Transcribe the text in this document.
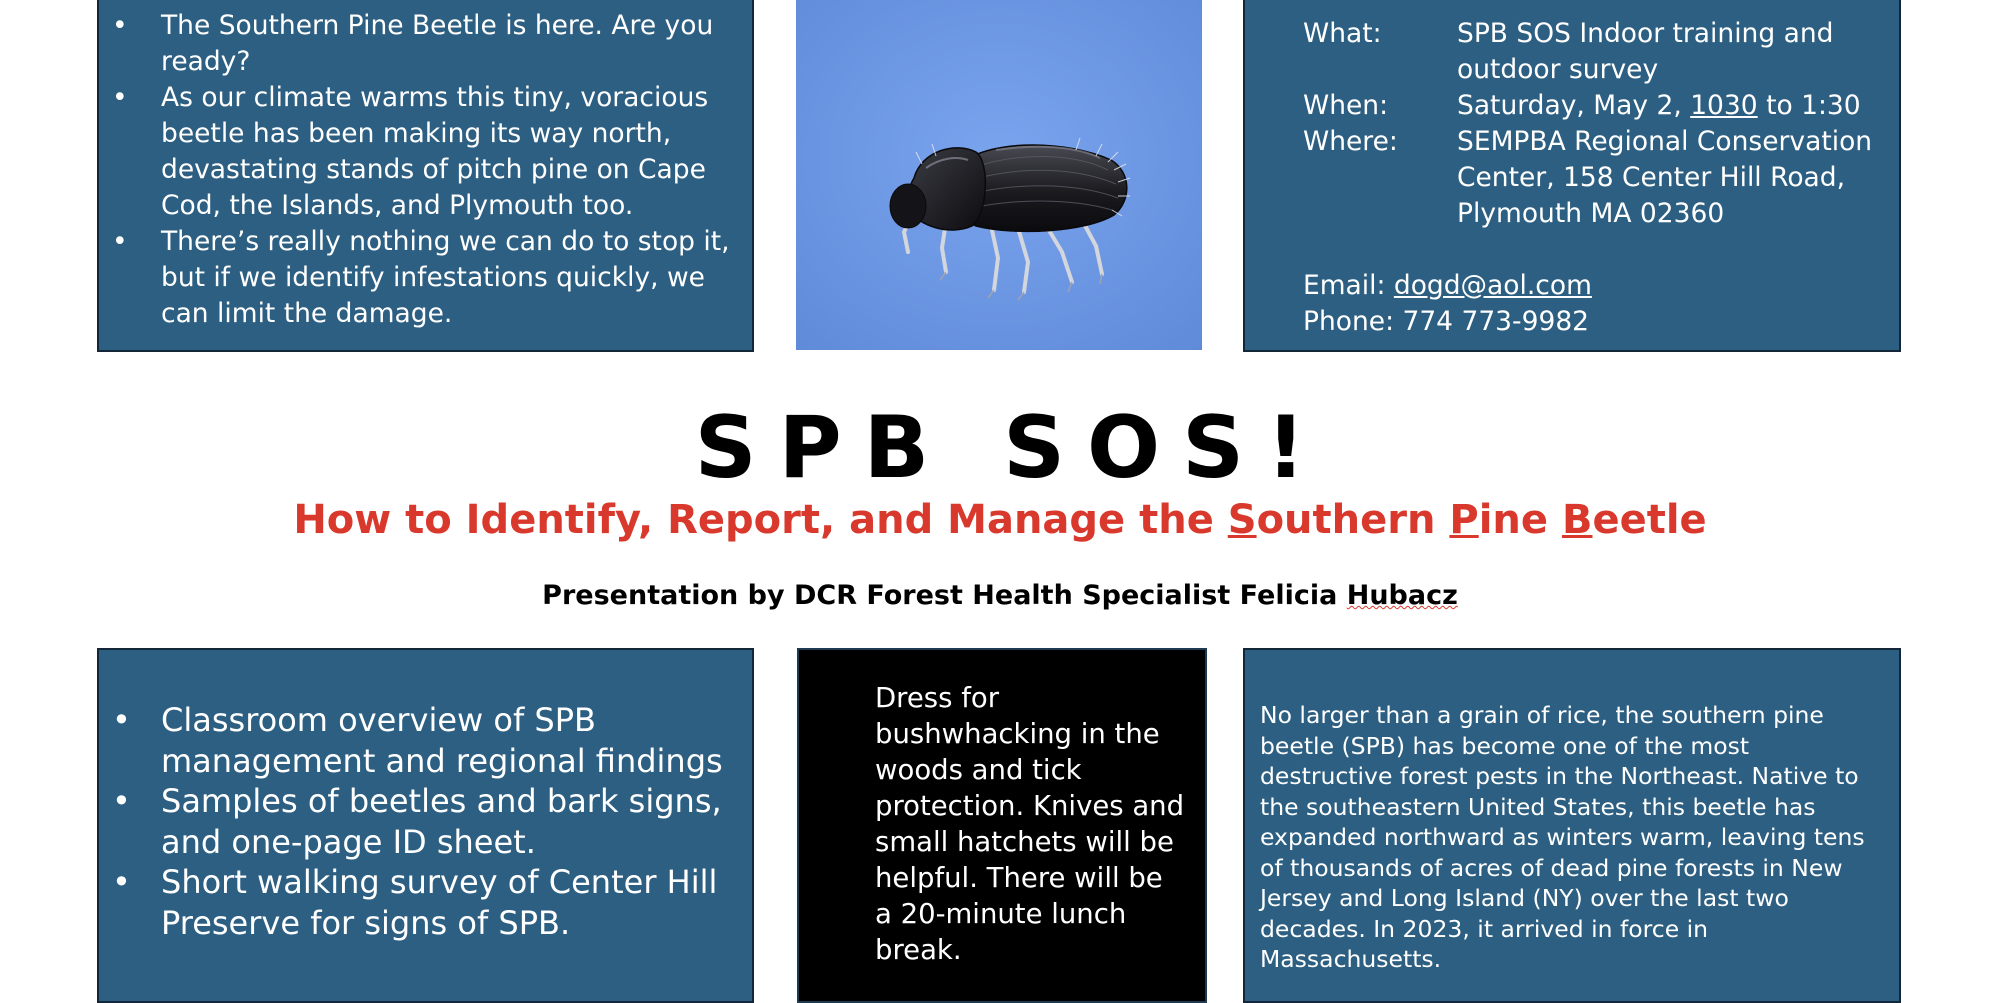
• The Southern Pine Beetle is here. Are you ready?
• As our climate warms this tiny, voracious beetle has been making its way north, devastating stands of pitch pine on Cape Cod, the Islands, and Plymouth too.
• There’s really nothing we can do to stop it, but if we identify infestations quickly, we can limit the damage.
What:	SPB SOS Indoor training and outdoor survey
When:	Saturday, May 2, 1030 to 1:30
Where:	SEMPBA Regional Conservation Center, 158 Center Hill Road, Plymouth MA 02360
Email: dogd@aol.com
Phone: 774 773-9982
SPB SOS!
How to Identify, Report, and Manage the Southern Pine Beetle

Presentation by DCR Forest Health Specialist Felicia Hubacz

• Classroom overview of SPB management and regional findings
• Samples of beetles and bark signs, and one-page ID sheet.
• Short walking survey of Center Hill Preserve for signs of SPB.
Dress for bushwhacking in the woods and tick protection. Knives and small hatchets will be helpful. There will be a 20-minute lunch break.
No larger than a grain of rice, the southern pine beetle (SPB) has become one of the most destructive forest pests in the Northeast. Native to the southeastern United States, this beetle has expanded northward as winters warm, leaving tens of thousands of acres of dead pine forests in New Jersey and Long Island (NY) over the last two decades. In 2023, it arrived in force in Massachusetts.
